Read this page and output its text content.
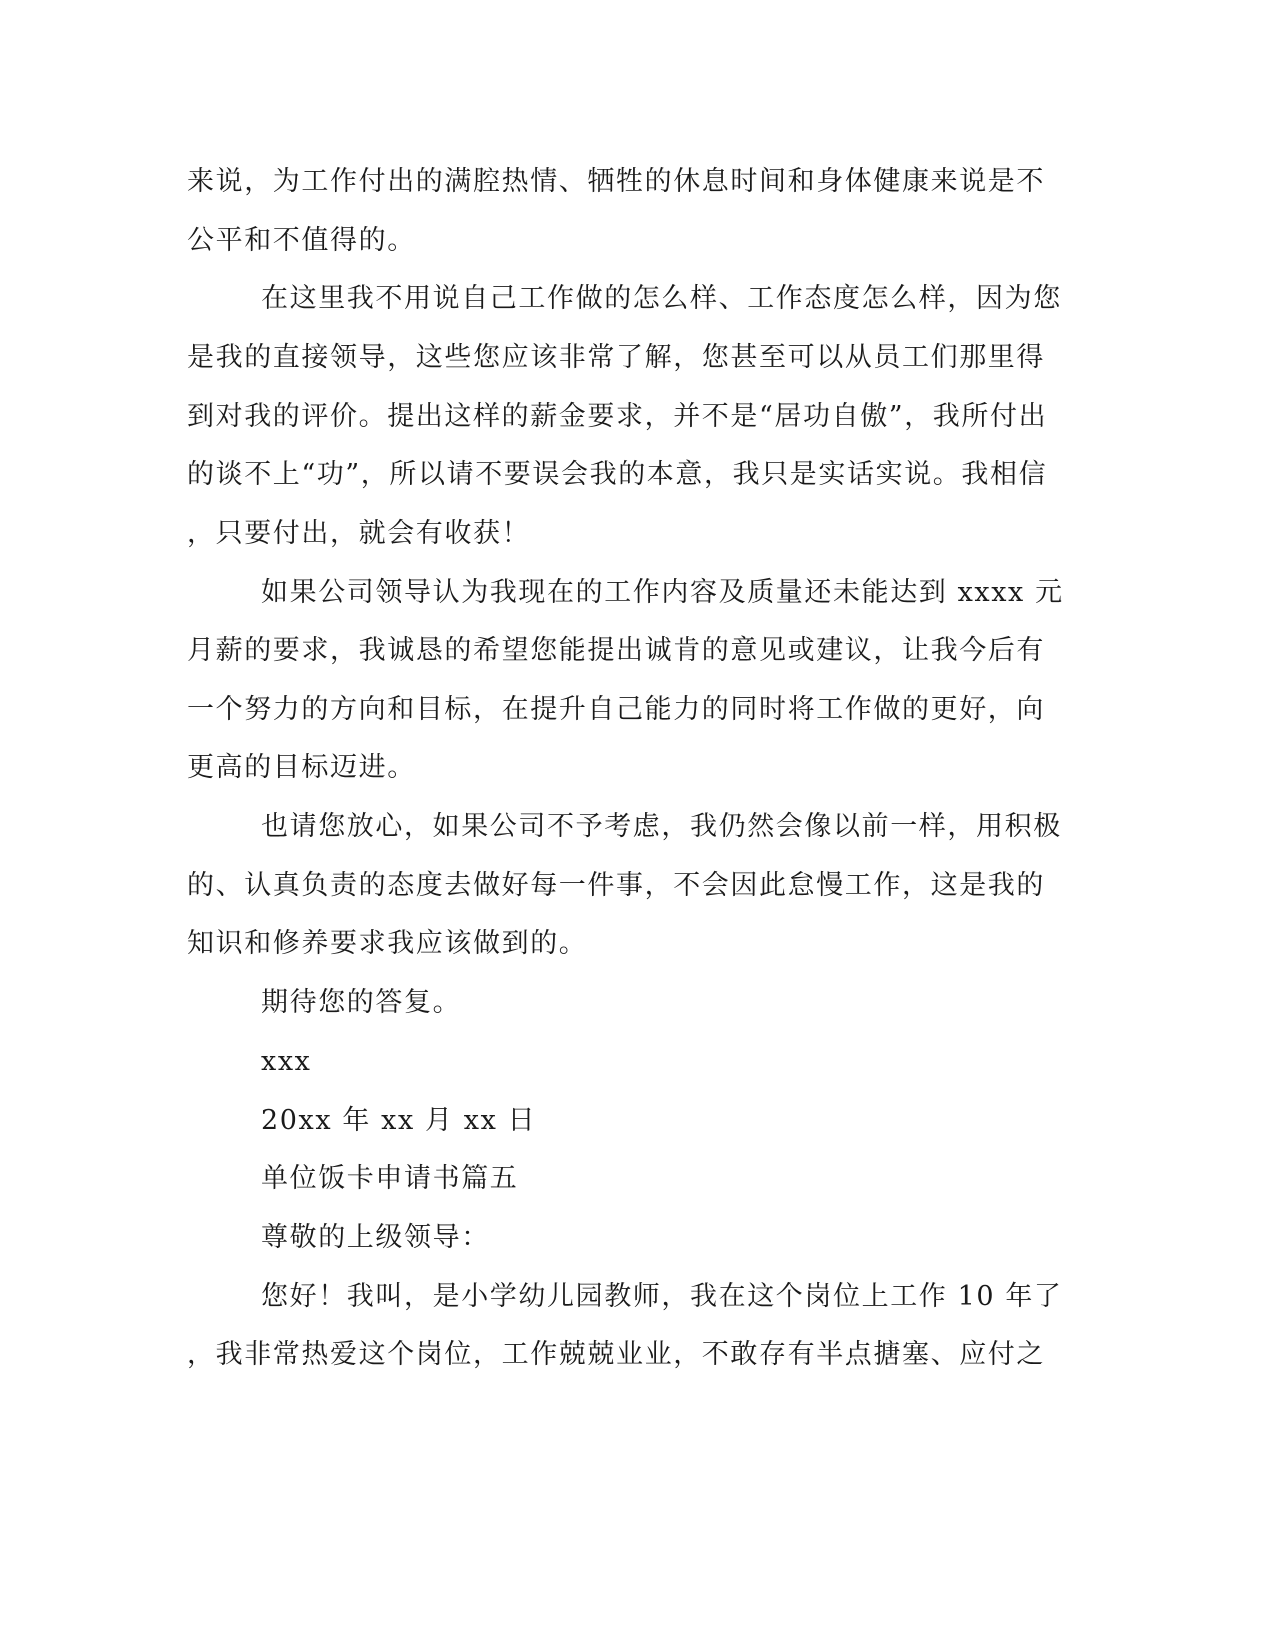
来说，为工作付出的满腔热情、牺牲的休息时间和身体健康来说是不
公平和不值得的。
在这里我不用说自己工作做的怎么样、工作态度怎么样，因为您
是我的直接领导，这些您应该非常了解，您甚至可以从员工们那里得
到对我的评价。提出这样的薪金要求，并不是“居功自傲”，我所付出
的谈不上“功”，所以请不要误会我的本意，我只是实话实说。我相信
，只要付出，就会有收获！
如果公司领导认为我现在的工作内容及质量还未能达到 xxxx 元
月薪的要求，我诚恳的希望您能提出诚肯的意见或建议，让我今后有
一个努力的方向和目标，在提升自己能力的同时将工作做的更好，向
更高的目标迈进。
也请您放心，如果公司不予考虑，我仍然会像以前一样，用积极
的、认真负责的态度去做好每一件事，不会因此怠慢工作，这是我的
知识和修养要求我应该做到的。
期待您的答复。
xxx
20xx 年 xx 月 xx 日
单位饭卡申请书篇五
尊敬的上级领导：
您好！我叫，是小学幼儿园教师，我在这个岗位上工作 10 年了
，我非常热爱这个岗位，工作兢兢业业，不敢存有半点搪塞、应付之
